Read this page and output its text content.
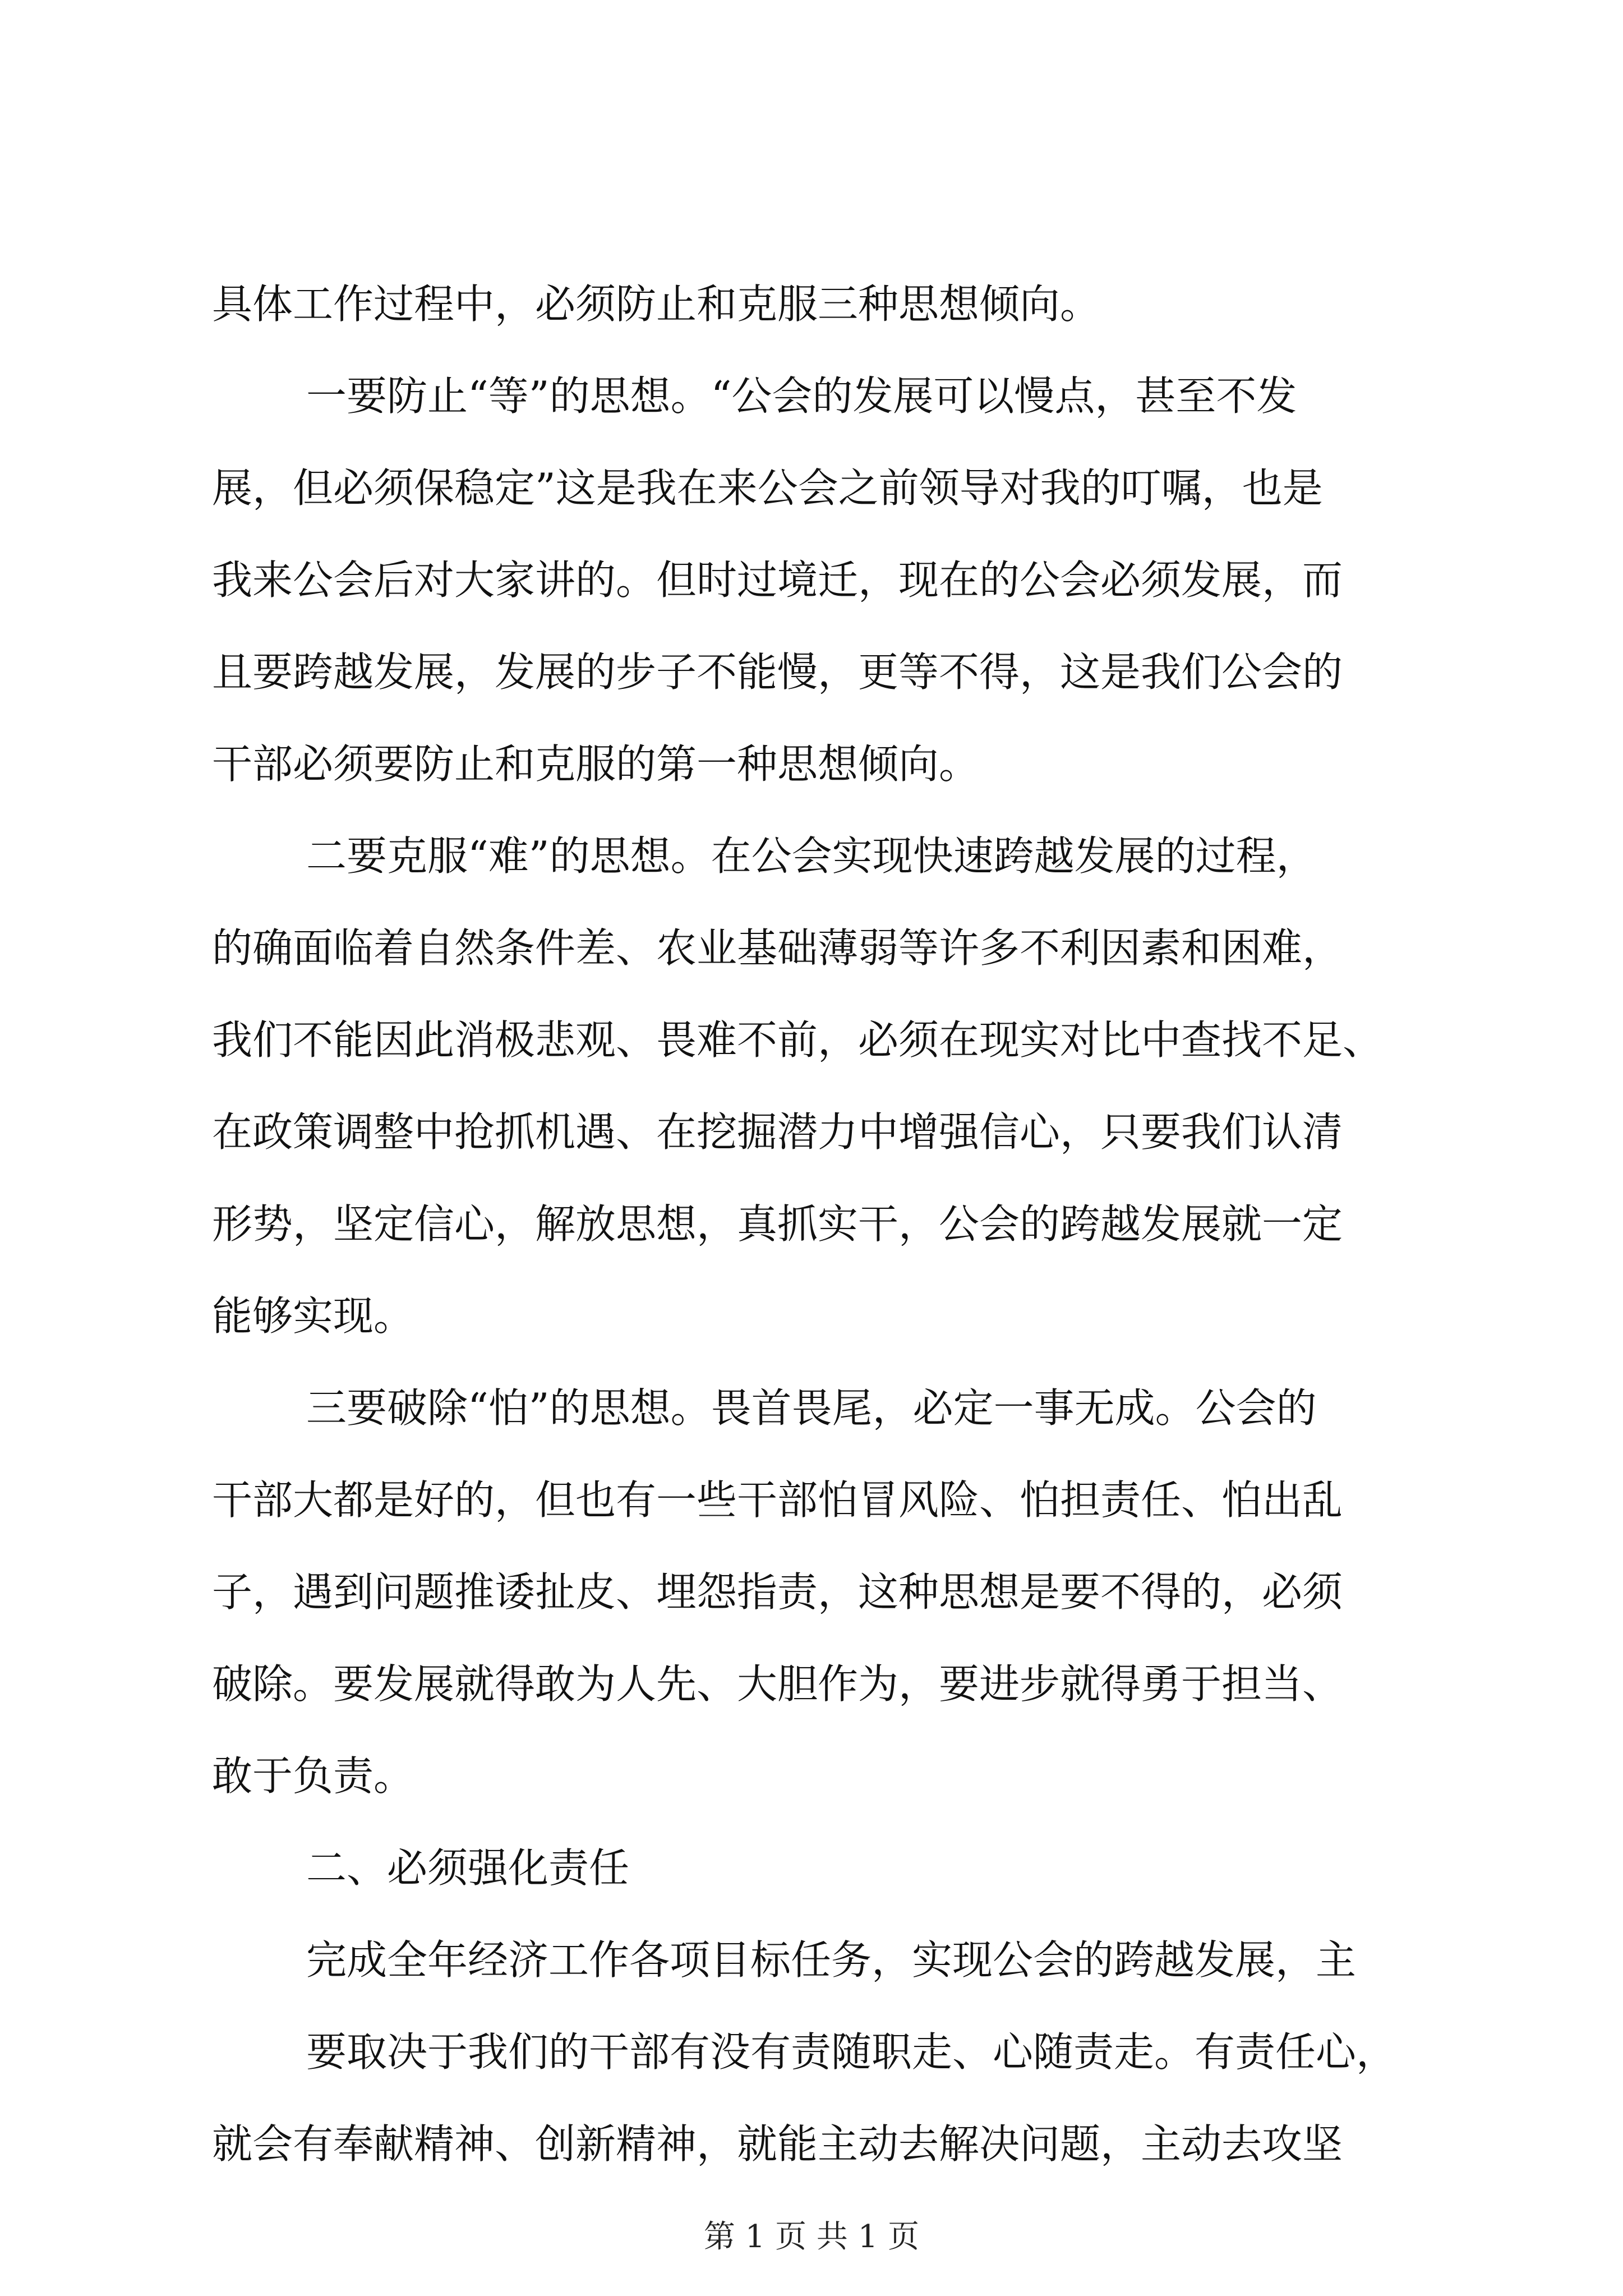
具体工作过程中，必须防止和克服三种思想倾向。
一要防止“等”的思想。“公会的发展可以慢点，甚至不发
展，但必须保稳定”这是我在来公会之前领导对我的叮嘱，也是
我来公会后对大家讲的。但时过境迁，现在的公会必须发展，而
且要跨越发展，发展的步子不能慢，更等不得，这是我们公会的
干部必须要防止和克服的第一种思想倾向。
二要克服“难”的思想。在公会实现快速跨越发展的过程，
的确面临着自然条件差、农业基础薄弱等许多不利因素和困难，
我们不能因此消极悲观、畏难不前，必须在现实对比中查找不足、
在政策调整中抢抓机遇、在挖掘潜力中增强信心，只要我们认清
形势，坚定信心，解放思想，真抓实干，公会的跨越发展就一定
能够实现。
三要破除“怕”的思想。畏首畏尾，必定一事无成。公会的
干部大都是好的，但也有一些干部怕冒风险、怕担责任、怕出乱
子，遇到问题推诿扯皮、埋怨指责，这种思想是要不得的，必须
破除。要发展就得敢为人先、大胆作为，要进步就得勇于担当、
敢于负责。
二、必须强化责任
完成全年经济工作各项目标任务，实现公会的跨越发展，主
要取决于我们的干部有没有责随职走、心随责走。有责任心，
就会有奉献精神、创新精神，就能主动去解决问题，主动去攻坚
第 1 页 共 1 页
